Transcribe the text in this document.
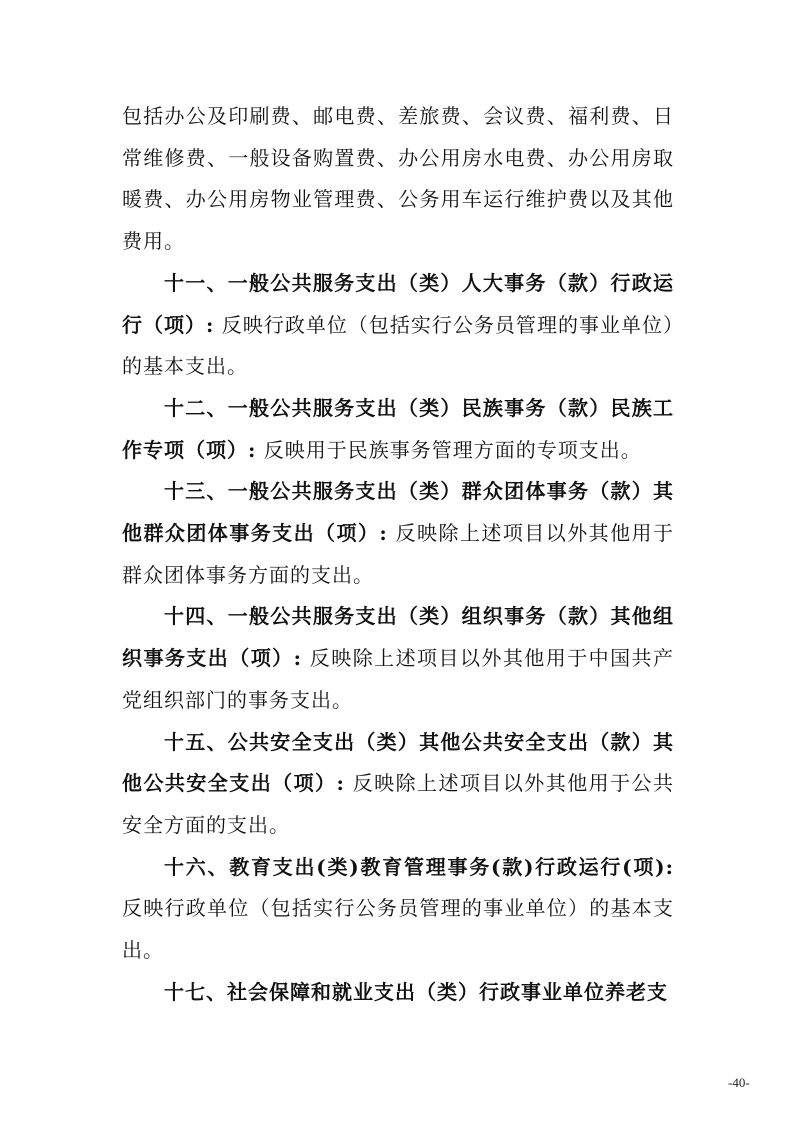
包括办公及印刷费、邮电费、差旅费、会议费、福利费、日常维修费、一般设备购置费、办公用房水电费、办公用房取暖费、办公用房物业管理费、公务用车运行维护费以及其他费用。

十一、一般公共服务支出（类）人大事务（款）行政运行（项）: 反映行政单位（包括实行公务员管理的事业单位）的基本支出。

十二、一般公共服务支出（类）民族事务（款）民族工作专项（项）: 反映用于民族事务管理方面的专项支出。

十三、一般公共服务支出（类）群众团体事务（款）其他群众团体事务支出（项）: 反映除上述项目以外其他用于群众团体事务方面的支出。

十四、一般公共服务支出（类）组织事务（款）其他组织事务支出（项）: 反映除上述项目以外其他用于中国共产党组织部门的事务支出。

十五、公共安全支出（类）其他公共安全支出（款）其他公共安全支出（项）: 反映除上述项目以外其他用于公共安全方面的支出。

十六、教育支出(类)教育管理事务(款)行政运行(项): 反映行政单位（包括实行公务员管理的事业单位）的基本支出。

十七、社会保障和就业支出（类）行政事业单位养老支

-40-
